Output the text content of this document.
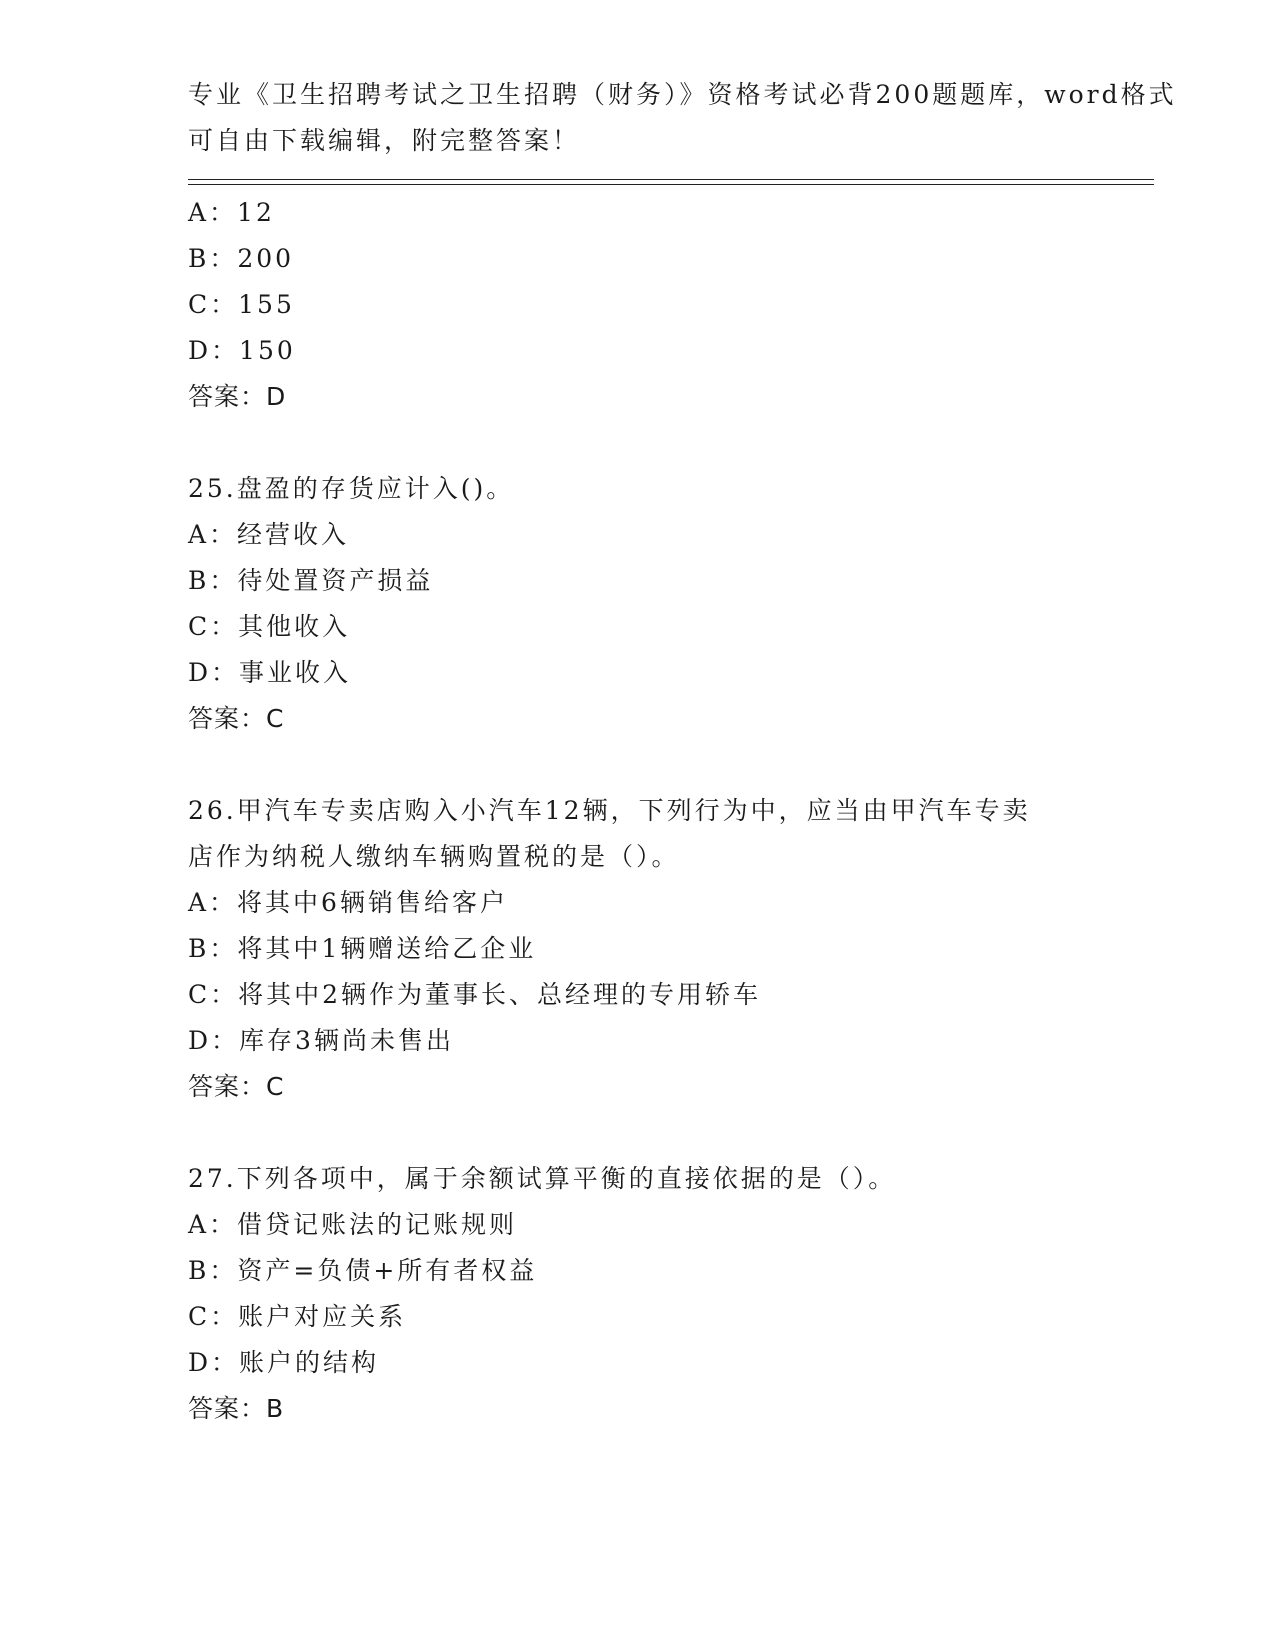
专业《卫生招聘考试之卫生招聘（财务）》资格考试必背200题题库，word格式
可自由下载编辑，附完整答案！
A：12
B：200
C：155
D：150
答案：D
25.盘盈的存货应计入()。
A：经营收入
B：待处置资产损益
C：其他收入
D：事业收入
答案：C
26.甲汽车专卖店购入小汽车12辆，下列行为中，应当由甲汽车专卖
店作为纳税人缴纳车辆购置税的是（）。
A：将其中6辆销售给客户
B：将其中1辆赠送给乙企业
C：将其中2辆作为董事长、总经理的专用轿车
D：库存3辆尚未售出
答案：C
27.下列各项中，属于余额试算平衡的直接依据的是（）。
A：借贷记账法的记账规则
B：资产=负债+所有者权益
C：账户对应关系
D：账户的结构
答案：B
